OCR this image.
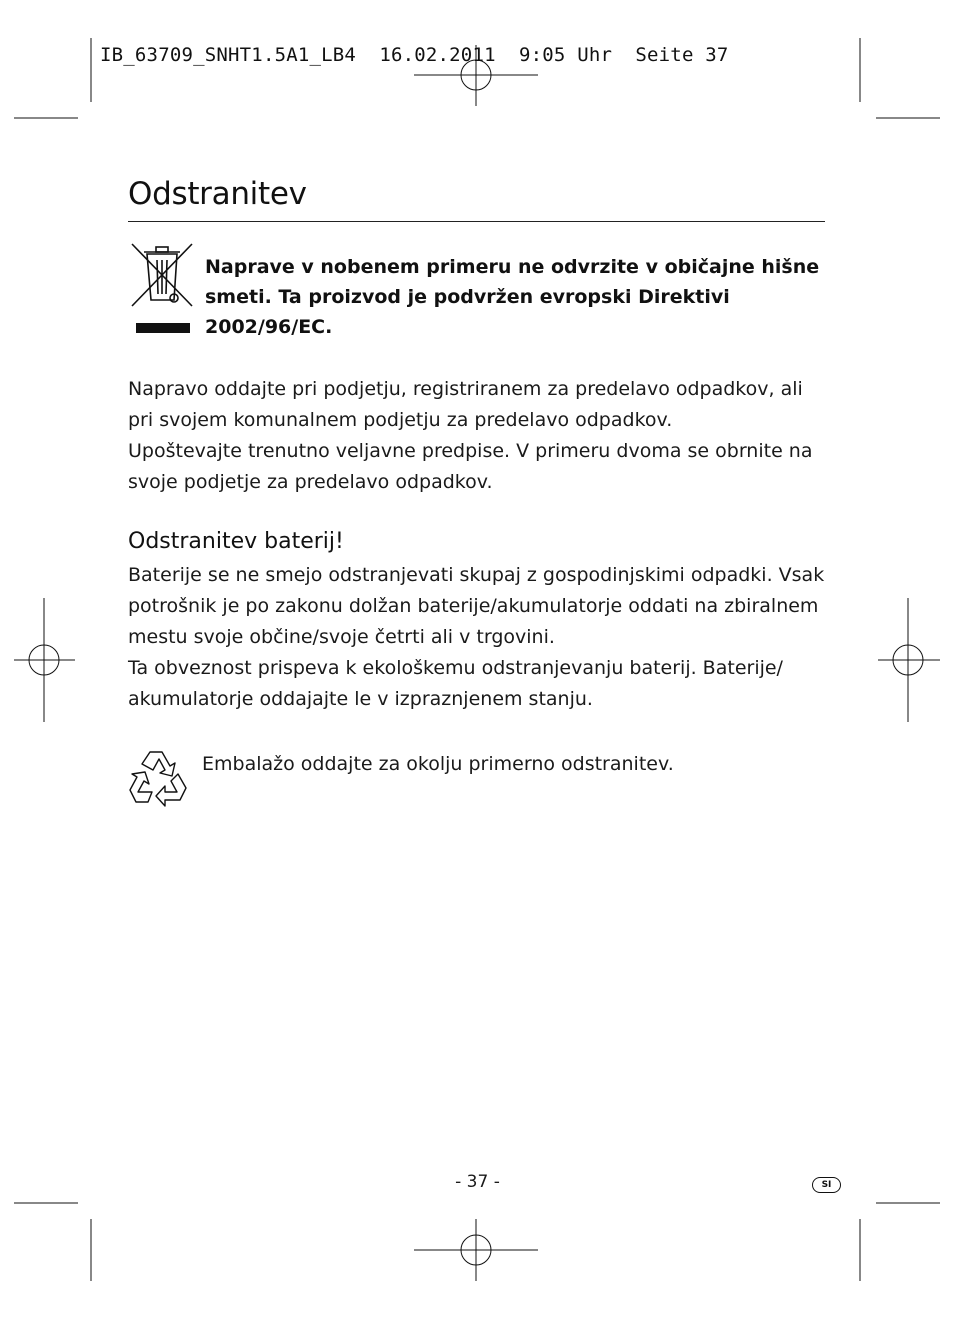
IB_63709_SNHT1.5A1_LB4  16.02.2011  9:05 Uhr  Seite 37
Odstranitev

Naprave v nobenem primeru ne odvrzite v običajne hišne smeti. Ta proizvod je podvržen evropski Direktivi 2002/96/EC.

Napravo oddajte pri podjetju, registriranem za predelavo odpadkov, ali pri svojem komunalnem podjetju za predelavo odpadkov.

Upoštevajte trenutno veljavne predpise. V primeru dvoma se obrnite na svoje podjetje za predelavo odpadkov.

Odstranitev baterij!

Baterije se ne smejo odstranjevati skupaj z gospodinjskimi odpadki. Vsak potrošnik je po zakonu dolžan baterije/akumulatorje oddati na zbiralnem mestu svoje občine/svoje četrti ali v trgovini.

Ta obveznost prispeva k ekološkemu odstranjevanju baterij. Baterije/ akumulatorje oddajajte le v izpraznjenem stanju.

Embalažo oddajte za okolju primerno odstranitev.

- 37 -	SI
